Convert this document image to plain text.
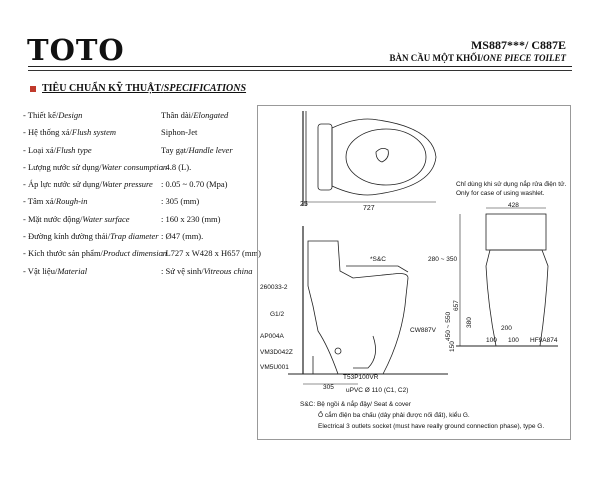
TOTO	MS887***/ C887E
BÀN CẦU MỘT KHỐI/ONE PIECE TOILET
TIÊU CHUẨN KỸ THUẬT/ SPECIFICATIONS
- Thiết kế/Design	Thân dài/Elongated
- Hệ thống xả/Flush system	Siphon-Jet
- Loại xả/Flush type	Tay gạt/Handle lever
- Lượng nước sử dụng/Water consumption
: 4.8 (L).
- Áp lực nước sử dụng/Water pressure : 0.05 ~ 0.70 (Mpa)
- Tâm xả/Rough-in	: 305 (mm)
- Mặt nước động/Water surface	: 160 x 230 (mm)
- Đường kính đường thải/Trap diameter : Ø47 (mm).
- Kích thước sản phẩm/Product dimension
: L727 x W428 x H657 (mm)
- Vật liệu/Material	: Sứ vệ sinh/Vitreous china
25
727
Chỉ dùng khi sử dụng nắp rửa điện tử.
Only for case of using washlet.
*S&C
260033-2
G1/2
AP004A
VM3D042Z
VM5U001
CW887V
305
T53P100VR
uPVC Ø 110 (C1, C2)
428
280 ~ 350
450 ~ 550
657
380
150
200
100 100 HF9A874
S&C: Bệ ngồi & nắp đậy/ Seat & cover
Ổ cắm điện ba chấu (dây phải được nối đất), kiểu G.
Electrical 3 outlets socket (must have really ground connection phase), type G.
